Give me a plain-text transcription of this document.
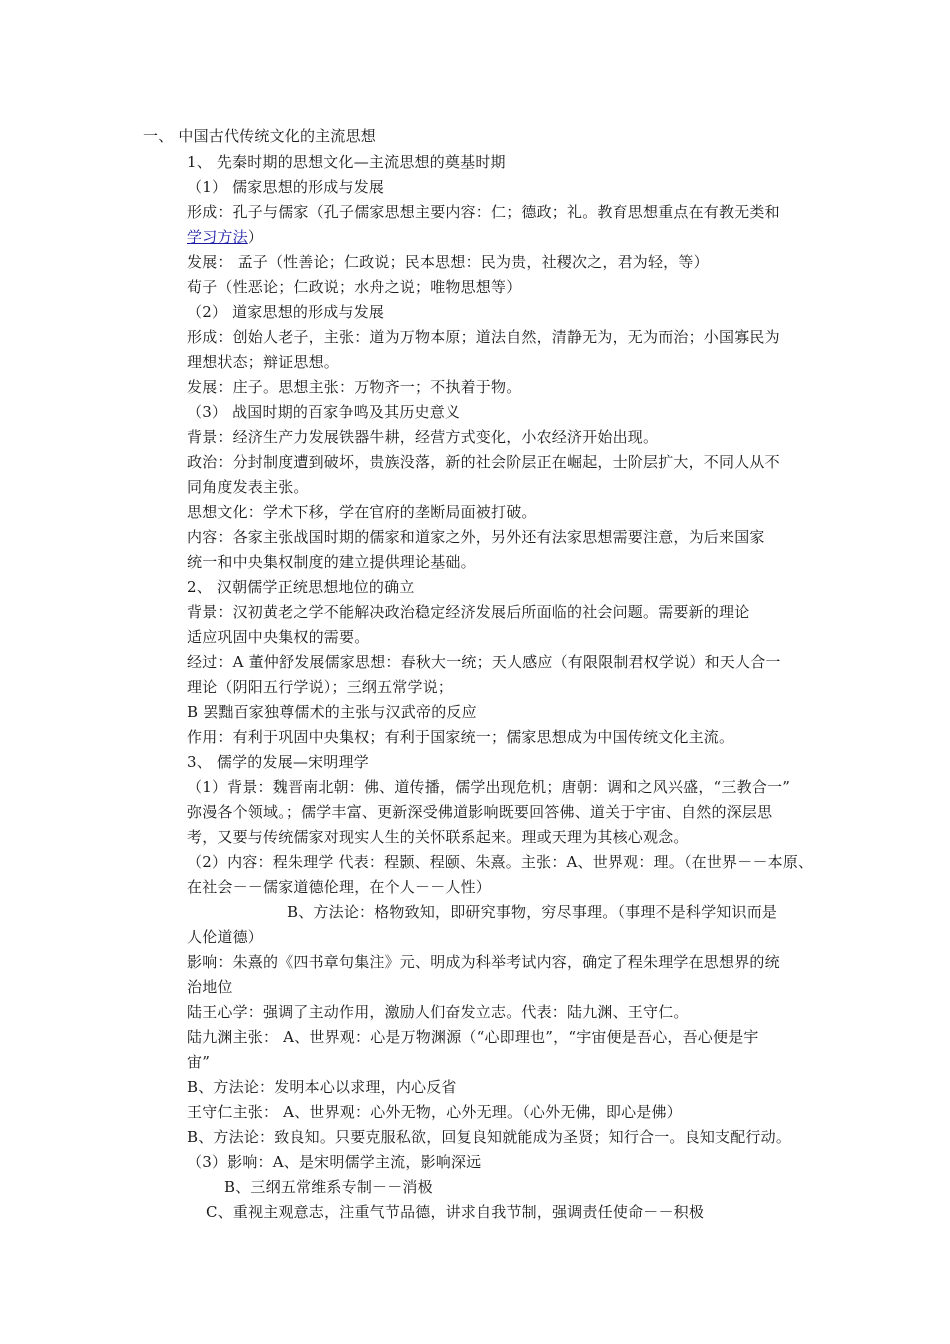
一、 中国古代传统文化的主流思想
1、 先秦时期的思想文化—主流思想的奠基时期
（1） 儒家思想的形成与发展
形成：孔子与儒家（孔子儒家思想主要内容：仁；德政；礼。教育思想重点在有教无类和
学习方法）
发展： 孟子（性善论；仁政说；民本思想：民为贵，社稷次之，君为轻，等）
荀子（性恶论；仁政说；水舟之说；唯物思想等）
（2） 道家思想的形成与发展
形成：创始人老子，主张：道为万物本原；道法自然，清静无为，无为而治；小国寡民为
理想状态；辩证思想。
发展：庄子。思想主张：万物齐一；不执着于物。
（3） 战国时期的百家争鸣及其历史意义
背景：经济生产力发展铁器牛耕，经营方式变化，小农经济开始出现。
政治：分封制度遭到破坏，贵族没落，新的社会阶层正在崛起，士阶层扩大，不同人从不
同角度发表主张。
思想文化：学术下移，学在官府的垄断局面被打破。
内容：各家主张战国时期的儒家和道家之外，另外还有法家思想需要注意，为后来国家
统一和中央集权制度的建立提供理论基础。
2、 汉朝儒学正统思想地位的确立
背景：汉初黄老之学不能解决政治稳定经济发展后所面临的社会问题。需要新的理论
适应巩固中央集权的需要。
经过：A 董仲舒发展儒家思想：春秋大一统；天人感应（有限限制君权学说）和天人合一
理论（阴阳五行学说）；三纲五常学说；
B 罢黜百家独尊儒术的主张与汉武帝的反应
作用：有利于巩固中央集权；有利于国家统一；儒家思想成为中国传统文化主流。
3、 儒学的发展—宋明理学
（1）背景：魏晋南北朝：佛、道传播，儒学出现危机；唐朝：调和之风兴盛，“三教合一”
弥漫各个领域。；儒学丰富、更新深受佛道影响既要回答佛、道关于宇宙、自然的深层思
考，又要与传统儒家对现实人生的关怀联系起来。理或天理为其核心观念。
（2）内容：程朱理学 代表：程颢、程颐、朱熹。主张：A、世界观：理。（在世界－－本原、
在社会－－儒家道德伦理，在个人－－人性）
B、方法论：格物致知，即研究事物，穷尽事理。（事理不是科学知识而是
人伦道德）
影响：朱熹的《四书章句集注》元、明成为科举考试内容，确定了程朱理学在思想界的统
治地位
陆王心学：强调了主动作用，激励人们奋发立志。代表：陆九渊、王守仁。
陆九渊主张： A、世界观：心是万物渊源（“心即理也”，“宇宙便是吾心，吾心便是宇
宙”
B、方法论：发明本心以求理，内心反省
王守仁主张： A、世界观：心外无物，心外无理。（心外无佛，即心是佛）
B、方法论：致良知。只要克服私欲，回复良知就能成为圣贤；知行合一。良知支配行动。
（3）影响：A、是宋明儒学主流，影响深远
B、三纲五常维系专制－－消极
C、重视主观意志，注重气节品德，讲求自我节制，强调责任使命－－积极
